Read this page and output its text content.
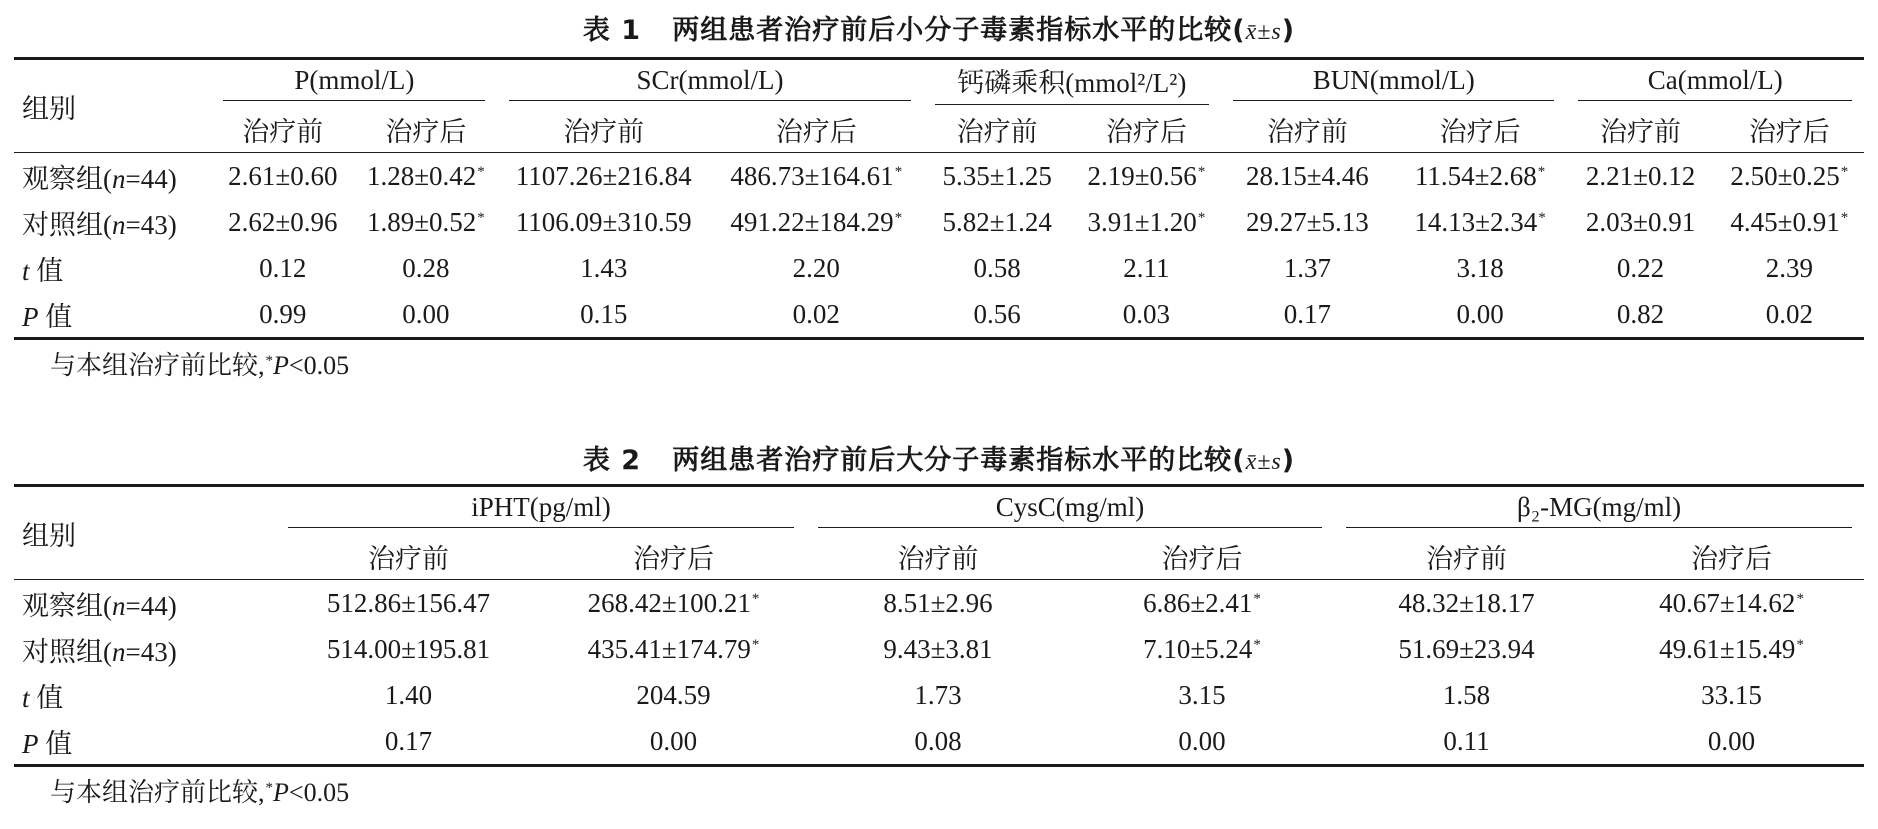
表 1 两组患者治疗前后小分子毒素指标水平的比较(x̄±s)
组别	P(mmol/L)		SCr(mmol/L)		钙磷乘积(mmol²/L²)		BUN(mmol/L)		Ca(mmol/L)	

	治疗前	治疗后	治疗前	治疗后	治疗前	治疗后	治疗前	治疗后	治疗前	治疗后
观察组(n=44)	2.61±0.60	1.28±0.42*	1107.26±216.84	486.73±164.61*	5.35±1.25	2.19±0.56*	28.15±4.46	11.54±2.68*	2.21±0.12	2.50±0.25*
对照组(n=43)	2.62±0.96	1.89±0.52*	1106.09±310.59	491.22±184.29*	5.82±1.24	3.91±1.20*	29.27±5.13	14.13±2.34*	2.03±0.91	4.45±0.91*
t 值	0.12	0.28	1.43	2.20	0.58	2.11	1.37	3.18	0.22	2.39
P 值	0.99	0.00	0.15	0.02	0.56	0.03	0.17	0.00	0.82	0.02
与本组治疗前比较,*P<0.05
表 2 两组患者治疗前后大分子毒素指标水平的比较(x̄±s)
组别	iPHT(pg/ml)		CysC(mg/ml)		β₂-MG(mg/ml)	

	治疗前	治疗后	治疗前	治疗后	治疗前	治疗后
观察组(n=44)	512.86±156.47	268.42±100.21*	8.51±2.96	6.86±2.41*	48.32±18.17	40.67±14.62*
对照组(n=43)	514.00±195.81	435.41±174.79*	9.43±3.81	7.10±5.24*	51.69±23.94	49.61±15.49*
t 值	1.40	204.59	1.73	3.15	1.58	33.15
P 值	0.17	0.00	0.08	0.00	0.11	0.00
与本组治疗前比较,*P<0.05
